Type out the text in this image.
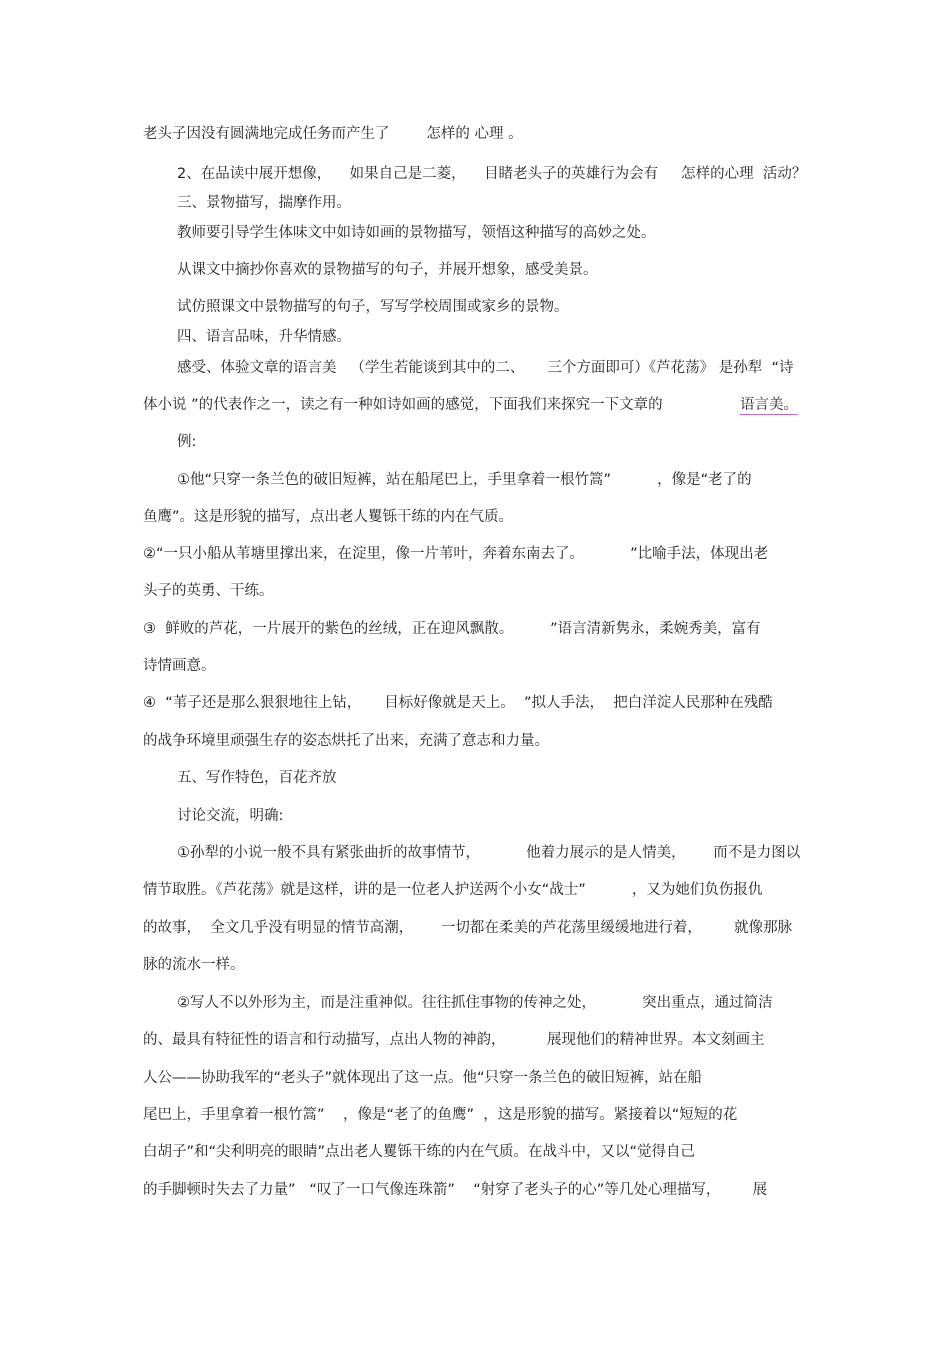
老头子因没有圆满地完成任务而产生了        怎样的 心理 。
2、在品读中展开想像，    如果自己是二菱，    目睹老头子的英雄行为会有     怎样的心理  活动？
三、景物描写，揣摩作用。
教师要引导学生体味文中如诗如画的景物描写，领悟这种描写的高妙之处。
从课文中摘抄你喜欢的景物描写的句子，并展开想象，感受美景。
试仿照课文中景物描写的句子，写写学校周围或家乡的景物。
四、语言品味，升华情感。
感受、体验文章的语言美   （学生若能谈到其中的二、     三个方面即可）《芦花荡》 是孙犁  “诗
体小说 ”的代表作之一，读之有一种如诗如画的感觉，下面我们来探究一下文章的	语言美。
例:
①他“只穿一条兰色的破旧短裤，站在船尾巴上，手里拿着一根竹篙”          ，像是“老了的
鱼鹰”。这是形貌的描写，点出老人矍铄干练的内在气质。
②“一只小船从苇塘里撑出来，在淀里，像一片苇叶，奔着东南去了。          ”比喻手法，体现出老
头子的英勇、干练。
③  鲜败的芦花，一片展开的紫色的丝绒，正在迎风飘散。        ”语言清新隽永，柔婉秀美，富有
诗情画意。
④  “苇子还是那么狠狠地往上钻，     目标好像就是天上。  ”拟人手法，  把白洋淀人民那种在残酷
的战争环境里顽强生存的姿态烘托了出来，充满了意志和力量。
五、写作特色，百花齐放
讨论交流，明确:
①孙犁的小说一般不具有紧张曲折的故事情节，          他着力展示的是人情美，      而不是力图以
情节取胜。《芦花荡》就是这样，讲的是一位老人护送两个小女“战士”          ，又为她们负伤报仇
的故事，  全文几乎没有明显的情节高潮，      一切都在柔美的芦花荡里缓缓地进行着，       就像那脉
脉的流水一样。
②写人不以外形为主，而是注重神似。往往抓住事物的传神之处，          突出重点，通过简洁
的、最具有特征性的语言和行动描写，点出人物的神韵，         展现他们的精神世界。本文刻画主
人公——协助我军的“老头子”就体现出了这一点。他“只穿一条兰色的破旧短裤，站在船
尾巴上，手里拿着一根竹篙”    ，像是“老了的鱼鹰”  ，这是形貌的描写。紧接着以“短短的花
白胡子”和“尖利明亮的眼睛”点出老人矍铄干练的内在气质。在战斗中，又以“觉得自己
的手脚顿时失去了力量”   “叹了一口气像连珠箭”    “射穿了老头子的心”等几处心理描写，       展
